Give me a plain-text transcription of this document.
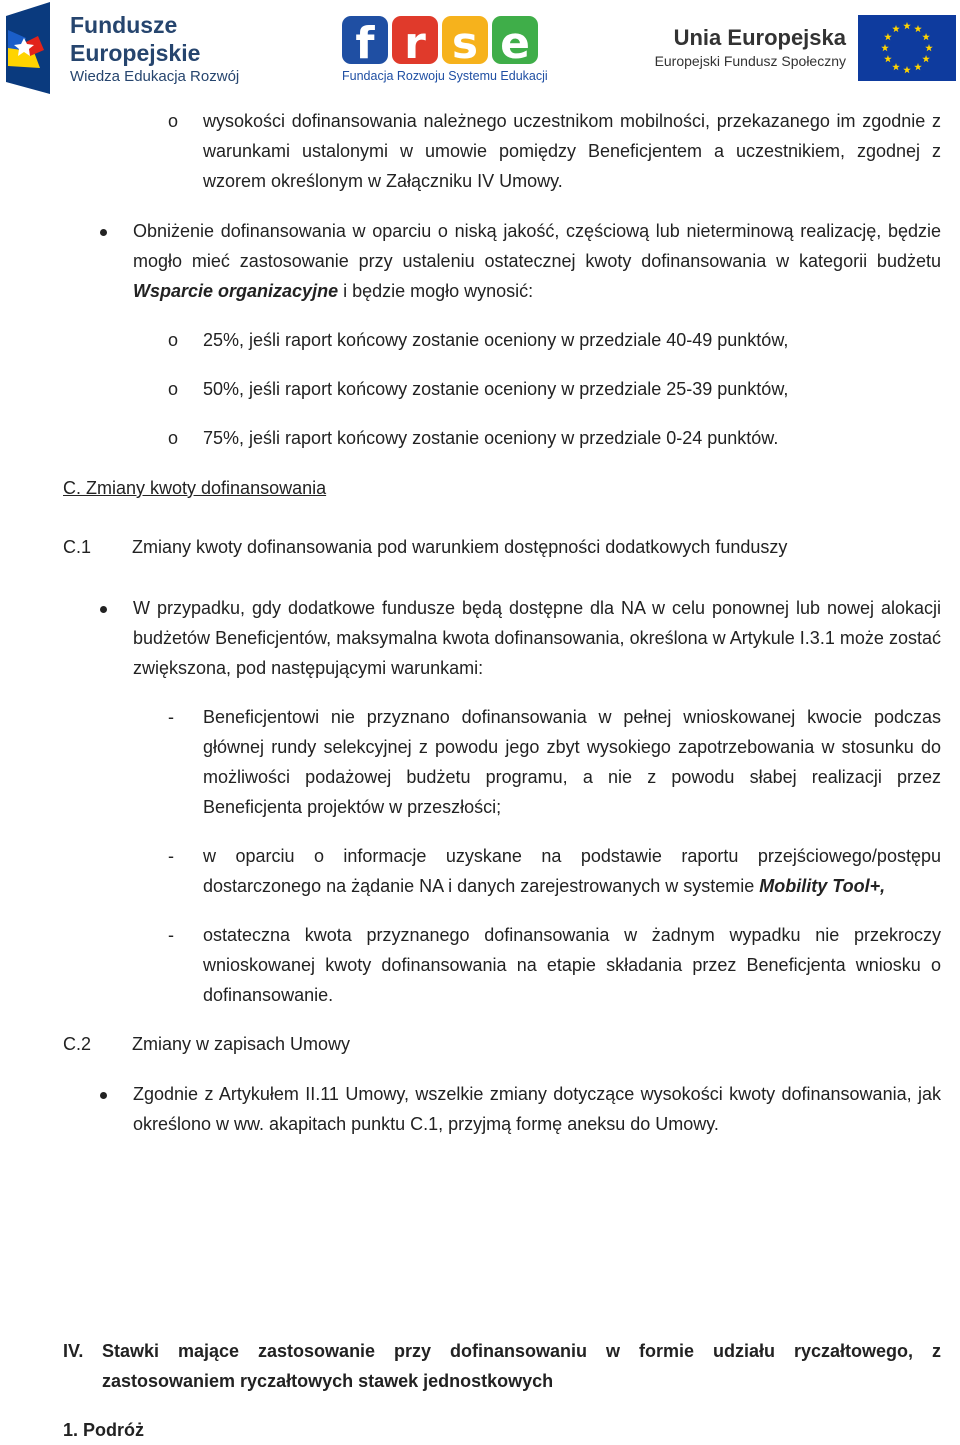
Fundusze
Europejskie
Wiedza Edukacja Rozwój
f r s e
Fundacja Rozwoju Systemu Edukacji
Unia Europejska
Europejski Fundusz Społeczny
o wysokości dofinansowania należnego uczestnikom mobilności, przekazanego im zgodnie z warunkami ustalonymi w umowie pomiędzy Beneficjentem a uczestnikiem, zgodnej z wzorem określonym w Załączniku IV Umowy.
Obniżenie dofinansowania w oparciu o niską jakość, częściową lub nieterminową realizację, będzie mogło mieć zastosowanie przy ustaleniu ostatecznej kwoty dofinansowania w kategorii budżetu Wsparcie organizacyjne i będzie mogło wynosić:
o 25%, jeśli raport końcowy zostanie oceniony w przedziale 40-49 punktów,
o 50%, jeśli raport końcowy zostanie oceniony w przedziale 25-39 punktów,
o 75%, jeśli raport końcowy zostanie oceniony w przedziale 0-24 punktów.
C. Zmiany kwoty dofinansowania
C.1 Zmiany kwoty dofinansowania pod warunkiem dostępności dodatkowych funduszy
W przypadku, gdy dodatkowe fundusze będą dostępne dla NA w celu ponownej lub nowej alokacji budżetów Beneficjentów, maksymalna kwota dofinansowania, określona w Artykule I.3.1 może zostać zwiększona, pod następującymi warunkami:
- Beneficjentowi nie przyznano dofinansowania w pełnej wnioskowanej kwocie podczas głównej rundy selekcyjnej z powodu jego zbyt wysokiego zapotrzebowania w stosunku do możliwości podażowej budżetu programu, a nie z powodu słabej realizacji przez Beneficjenta projektów w przeszłości;
- w oparciu o informacje uzyskane na podstawie raportu przejściowego/postępu dostarczonego na żądanie NA i danych zarejestrowanych w systemie Mobility Tool+,
- ostateczna kwota przyznanego dofinansowania w żadnym wypadku nie przekroczy wnioskowanej kwoty dofinansowania na etapie składania przez Beneficjenta wniosku o dofinansowanie.
C.2 Zmiany w zapisach Umowy
Zgodnie z Artykułem II.11 Umowy, wszelkie zmiany dotyczące wysokości kwoty dofinansowania, jak określono w ww. akapitach punktu C.1, przyjmą formę aneksu do Umowy.
IV. Stawki mające zastosowanie przy dofinansowaniu w formie udziału ryczałtowego, z zastosowaniem ryczałtowych stawek jednostkowych
1. Podróż
